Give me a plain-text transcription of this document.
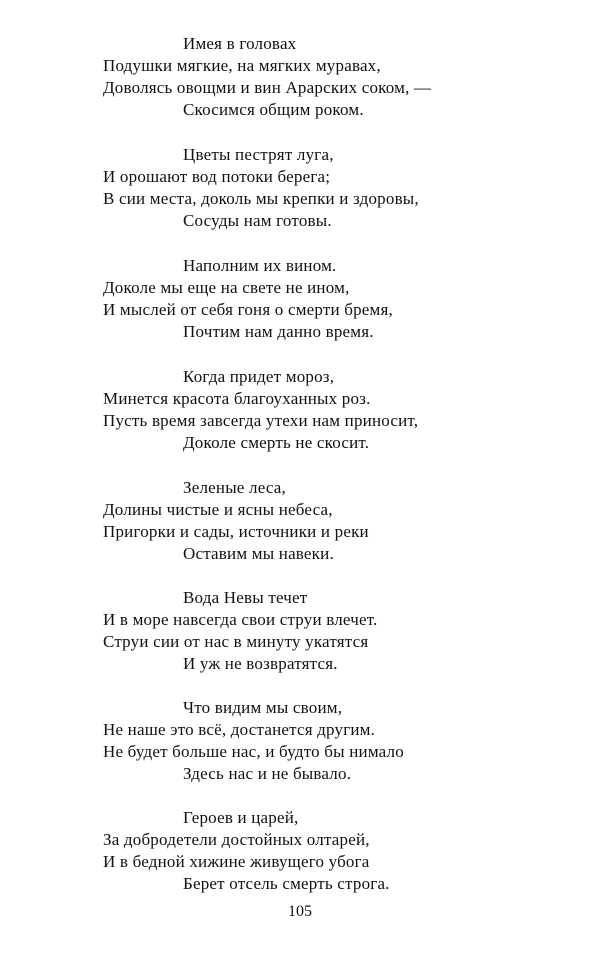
Имея в головах
Подушки мягкие, на мягких муравах,
Доволясь овощми и вин Арарских соком, —
Скосимся общим роком.
Цветы пестрят луга,
И орошают вод потоки берега;
В сии места, доколь мы крепки и здоровы,
Сосуды нам готовы.
Наполним их вином.
Доколе мы еще на свете не ином,
И мыслей от себя гоня о смерти бремя,
Почтим нам данно время.
Когда придет мороз,
Минется красота благоуханных роз.
Пусть время завсегда утехи нам приносит,
Доколе смерть не скосит.
Зеленые леса,
Долины чистые и ясны небеса,
Пригорки и сады, источники и реки
Оставим мы навеки.
Вода Невы течет
И в море навсегда свои струи влечет.
Струи сии от нас в минуту укатятся
И уж не возвратятся.
Что видим мы своим,
Не наше это всё, достанется другим.
Не будет больше нас, и будто бы нимало
Здесь нас и не бывало.
Героев и царей,
За добродетели достойных олтарей,
И в бедной хижине живущего убога
Берет отсель смерть строга.
105
